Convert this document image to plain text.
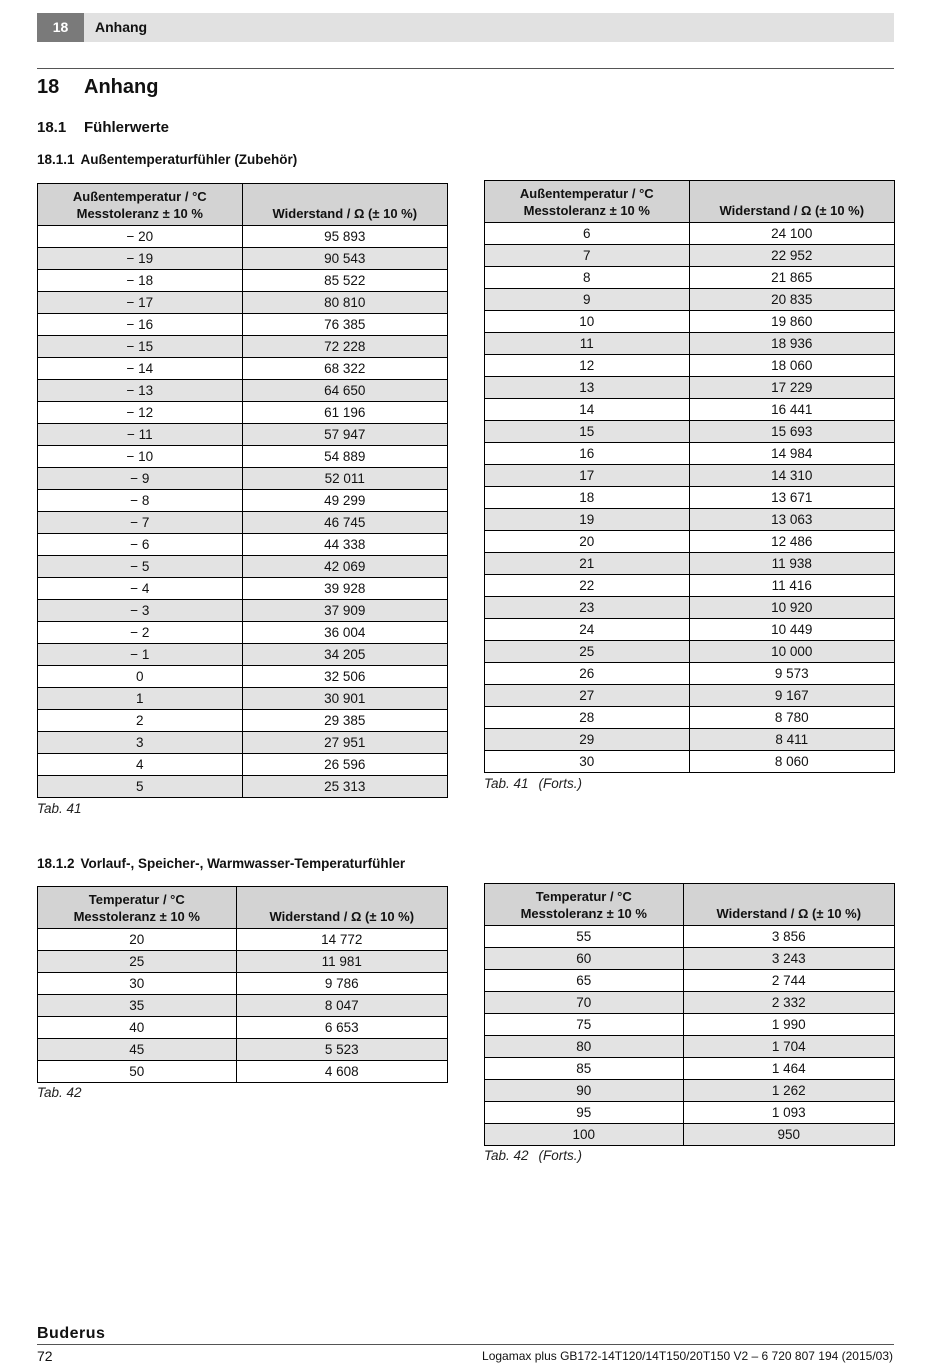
18	Anhang
18 Anhang
18.1 Fühlerwerte
18.1.1 Außentemperaturfühler (Zubehör)
Außentemperatur / °C
Messtoleranz ± 10 %	Widerstand / Ω (± 10 %)
− 20	95 893
− 19	90 543
− 18	85 522
− 17	80 810
− 16	76 385
− 15	72 228
− 14	68 322
− 13	64 650
− 12	61 196
− 11	57 947
− 10	54 889
− 9	52 011
− 8	49 299
− 7	46 745
− 6	44 338
− 5	42 069
− 4	39 928
− 3	37 909
− 2	36 004
− 1	34 205
0	32 506
1	30 901
2	29 385
3	27 951
4	26 596
5	25 313
Tab. 41
Außentemperatur / °C
Messtoleranz ± 10 %	Widerstand / Ω (± 10 %)
6	24 100
7	22 952
8	21 865
9	20 835
10	19 860
11	18 936
12	18 060
13	17 229
14	16 441
15	15 693
16	14 984
17	14 310
18	13 671
19	13 063
20	12 486
21	11 938
22	11 416
23	10 920
24	10 449
25	10 000
26	9 573
27	9 167
28	8 780
29	8 411
30	8 060
Tab. 41 (Forts.)
18.1.2 Vorlauf-, Speicher-, Warmwasser-Temperaturfühler
Temperatur / °C
Messtoleranz ± 10 %	Widerstand / Ω (± 10 %)
20	14 772
25	11 981
30	9 786
35	8 047
40	6 653
45	5 523
50	4 608
Tab. 42
Temperatur / °C
Messtoleranz ± 10 %	Widerstand / Ω (± 10 %)
55	3 856
60	3 243
65	2 744
70	2 332
75	1 990
80	1 704
85	1 464
90	1 262
95	1 093
100	950
Tab. 42 (Forts.)
Buderus
72	Logamax plus GB172-14T120/14T150/20T150 V2 – 6 720 807 194 (2015/03)
